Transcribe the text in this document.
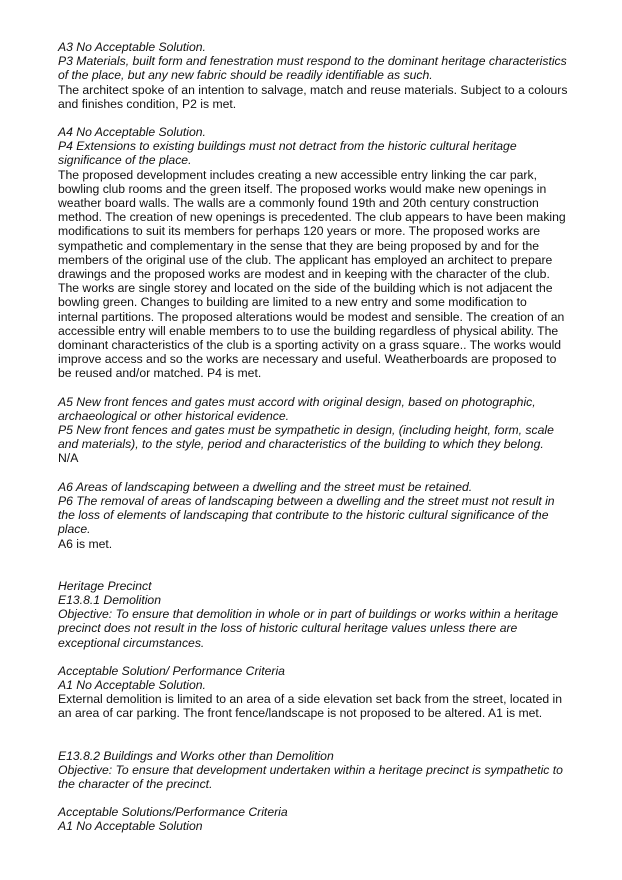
A3 No Acceptable Solution.

P3 Materials, built form and fenestration must respond to the dominant heritage characteristics of the place, but any new fabric should be readily identifiable as such.

The architect spoke of an intention to salvage, match and reuse materials. Subject to a colours and finishes condition, P2 is met.

A4 No Acceptable Solution.

P4 Extensions to existing buildings must not detract from the historic cultural heritage significance of the place.

The proposed development includes creating a new accessible entry linking the car park, bowling club rooms and the green itself. The proposed works would make new openings in weather board walls. The walls are a commonly found 19th and 20th century construction method. The creation of new openings is precedented. The club appears to have been making modifications to suit its members for perhaps 120 years or more. The proposed works are sympathetic and complementary in the sense that they are being proposed by and for the members of the original use of the club. The applicant has employed an architect to prepare drawings and the proposed works are modest and in keeping with the character of the club. The works are single storey and located on the side of the building which is not adjacent the bowling green. Changes to building are limited to a new entry and some modification to internal partitions. The proposed alterations would be modest and sensible. The creation of an accessible entry will enable members to to use the building regardless of physical ability. The dominant characteristics of the club is a sporting activity on a grass square.. The works would improve access and so the works are necessary and useful. Weatherboards are proposed to be reused and/or matched. P4 is met.

A5 New front fences and gates must accord with original design, based on photographic, archaeological or other historical evidence.

P5 New front fences and gates must be sympathetic in design, (including height, form, scale and materials), to the style, period and characteristics of the building to which they belong.

N/A

A6 Areas of landscaping between a dwelling and the street must be retained.

P6 The removal of areas of landscaping between a dwelling and the street must not result in the loss of elements of landscaping that contribute to the historic cultural significance of the place.

A6 is met.

Heritage Precinct

E13.8.1 Demolition

Objective: To ensure that demolition in whole or in part of buildings or works within a heritage precinct does not result in the loss of historic cultural heritage values unless there are exceptional circumstances.

Acceptable Solution/ Performance Criteria

A1 No Acceptable Solution.

External demolition is limited to an area of a side elevation set back from the street, located in an area of car parking. The front fence/landscape is not proposed to be altered. A1 is met.

E13.8.2 Buildings and Works other than Demolition

Objective: To ensure that development undertaken within a heritage precinct is sympathetic to the character of the precinct.

Acceptable Solutions/Performance Criteria

A1 No Acceptable Solution
